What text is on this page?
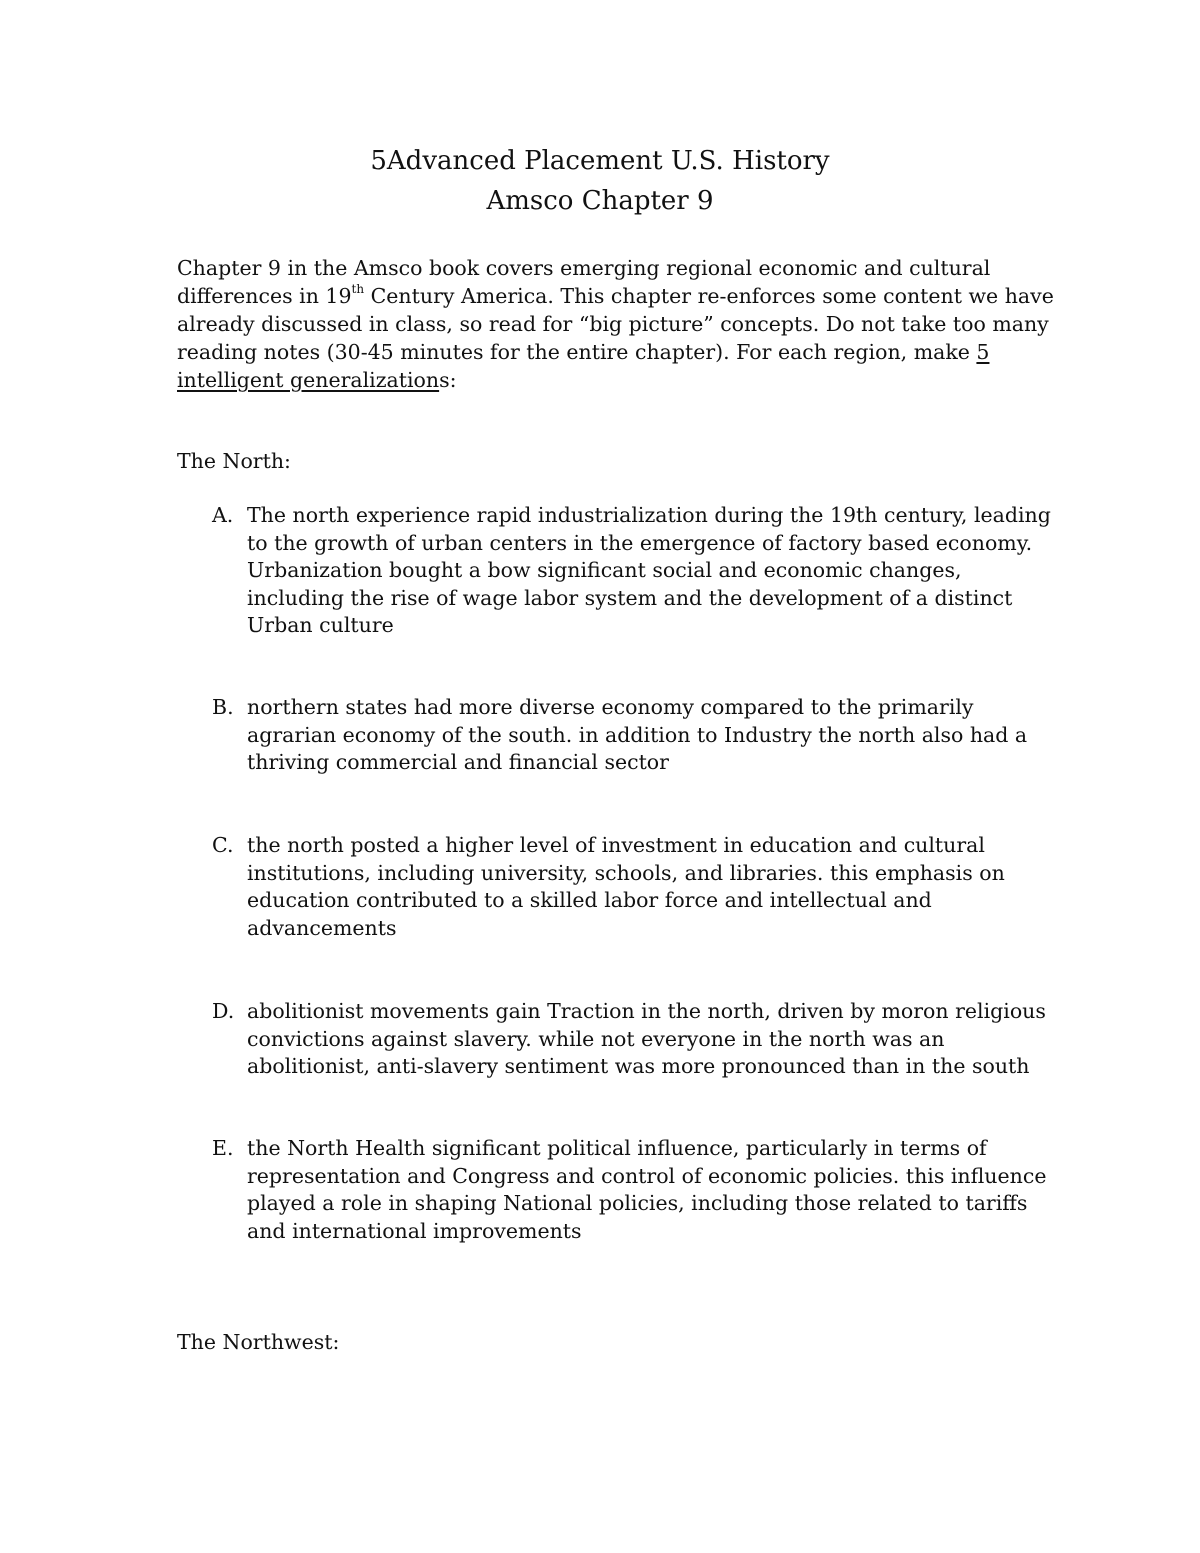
5Advanced Placement U.S. History
Amsco Chapter 9

Chapter 9 in the Amsco book covers emerging regional economic and cultural differences in 19th Century America. This chapter re-enforces some content we have already discussed in class, so read for “big picture” concepts. Do not take too many reading notes (30-45 minutes for the entire chapter). For each region, make 5 intelligent generalizations:

The North:

A. The north experience rapid industrialization during the 19th century, leading to the growth of urban centers in the emergence of factory based economy. Urbanization bought a bow significant social and economic changes, including the rise of wage labor system and the development of a distinct Urban culture
B. northern states had more diverse economy compared to the primarily agrarian economy of the south. in addition to Industry the north also had a thriving commercial and financial sector
C. the north posted a higher level of investment in education and cultural institutions, including university, schools, and libraries. this emphasis on education contributed to a skilled labor force and intellectual and advancements
D. abolitionist movements gain Traction in the north, driven by moron religious convictions against slavery. while not everyone in the north was an abolitionist, anti-slavery sentiment was more pronounced than in the south
E. the North Health significant political influence, particularly in terms of representation and Congress and control of economic policies. this influence played a role in shaping National policies, including those related to tariffs and international improvements

The Northwest:
